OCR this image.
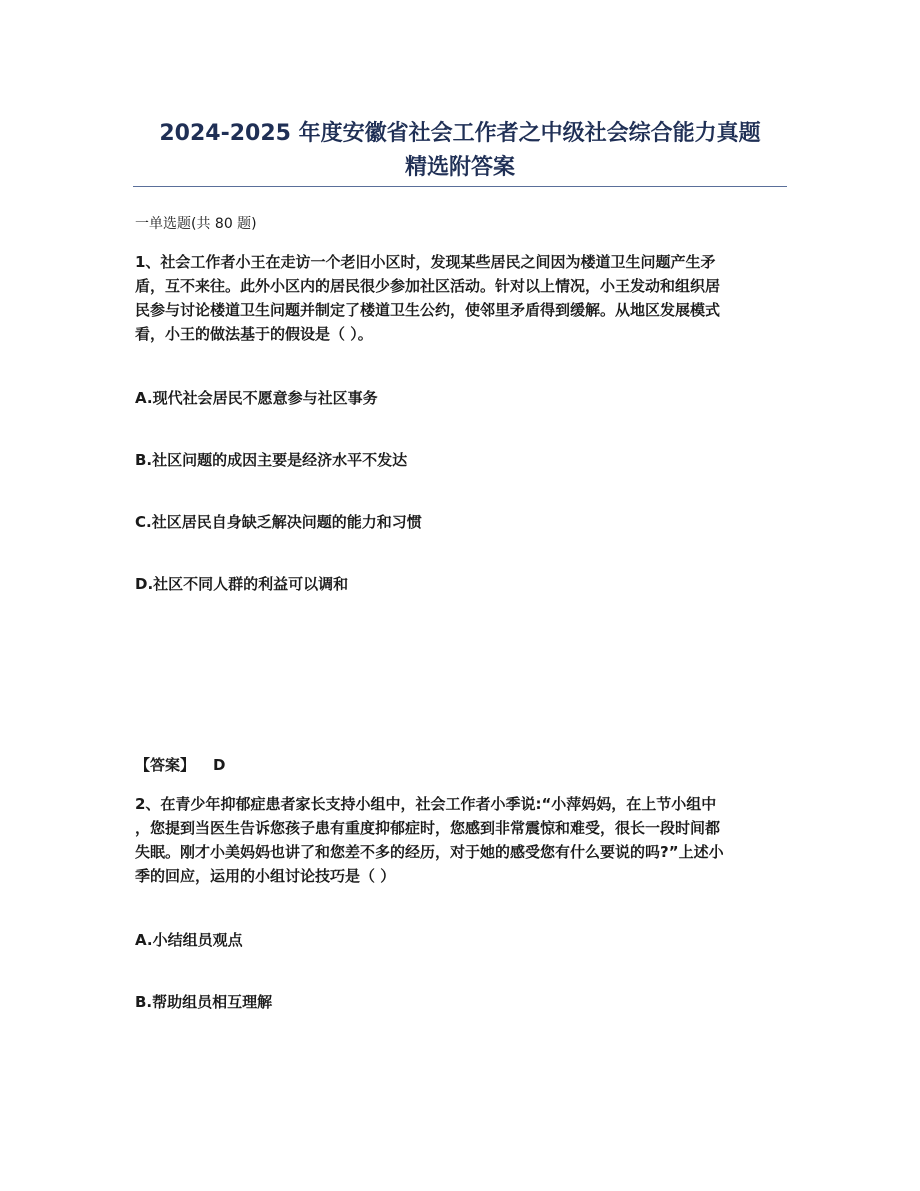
2024-2025 年度安徽省社会工作者之中级社会综合能力真题
精选附答案
一单选题(共 80 题)
1、社会工作者小王在走访一个老旧小区时，发现某些居民之间因为楼道卫生问题产生矛
盾，互不来往。此外小区内的居民很少参加社区活动。针对以上情况，小王发动和组织居
民参与讨论楼道卫生问题并制定了楼道卫生公约，使邻里矛盾得到缓解。从地区发展模式
看，小王的做法基于的假设是（ ）。
A.现代社会居民不愿意参与社区事务
B.社区问题的成因主要是经济水平不发达
C.社区居民自身缺乏解决问题的能力和习惯
D.社区不同人群的利益可以调和
【答案】 D
2、在青少年抑郁症患者家长支持小组中，社会工作者小季说:“小萍妈妈，在上节小组中
，您提到当医生告诉您孩子患有重度抑郁症时，您感到非常震惊和难受，很长一段时间都
失眠。刚才小美妈妈也讲了和您差不多的经历，对于她的感受您有什么要说的吗?”上述小
季的回应，运用的小组讨论技巧是（ ）
A.小结组员观点
B.帮助组员相互理解
